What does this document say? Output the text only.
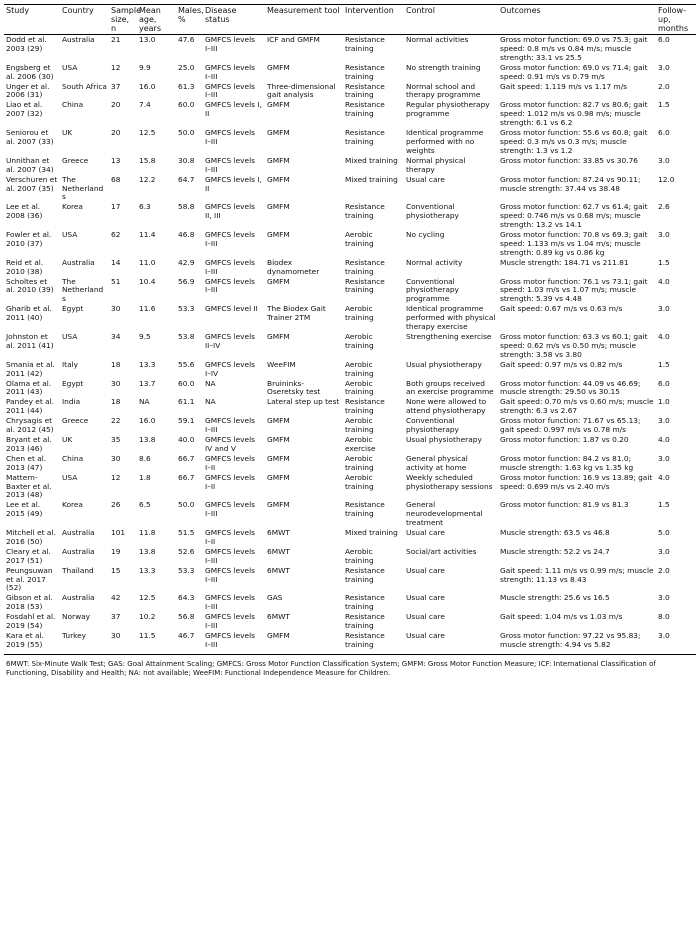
Study	Country	Sample size, n	Mean age, years	Males, %	Disease status	Measurement tool	Intervention	Control	Outcomes	Follow-up, months
Dodd et al. 2003 (29)	Australia	21	13.0	47.6	GMFCS levels I–III	ICF and GMFM	Resistance training	Normal activities	Gross motor function: 69.0 vs 75.3; gait speed: 0.8 m/s vs 0.84 m/s; muscle strength: 33.1 vs 25.5	6.0
Engsberg et al. 2006 (30)	USA	12	9.9	25.0	GMFCS levels I–III	GMFM	Resistance training	No strength training	Gross motor function: 69.0 vs 71.4; gait speed: 0.91 m/s vs 0.79 m/s	3.0
Unger et al. 2006 (31)	South Africa	37	16.0	61.3	GMFCS levels I–III	Three-dimensional gait analysis	Resistance training	Normal school and therapy programme	Gait speed: 1.119 m/s vs 1.17 m/s	2.0
Liao et al. 2007 (32)	China	20	7.4	60.0	GMFCS levels I, II	GMFM	Resistance training	Regular physiotherapy programme	Gross motor function: 82.7 vs 80.6; gait speed: 1.012 m/s vs 0.98 m/s; muscle strength: 6.1 vs 6.2	1.5
Seniorou et al. 2007 (33)	UK	20	12.5	50.0	GMFCS levels I–III	GMFM	Resistance training	Identical programme performed with no weights	Gross motor function: 55.6 vs 60.8; gait speed: 0.3 m/s vs 0.3 m/s; muscle strength: 1.3 vs 1.2	6.0
Unnithan et al. 2007 (34)	Greece	13	15.8	30.8	GMFCS levels I–III	GMFM	Mixed training	Normal physical therapy	Gross motor function: 33.85 vs 30.76	3.0
Verschuren et al. 2007 (35)	The Netherlands	68	12.2	64.7	GMFCS levels I, II	GMFM	Mixed training	Usual care	Gross motor function: 87.24 vs 90.11; muscle strength: 37.44 vs 38.48	12.0
Lee et al. 2008 (36)	Korea	17	6.3	58.8	GMFCS levels II, III	GMFM	Resistance training	Conventional physiotherapy	Gross motor function: 62.7 vs 61.4; gait speed: 0.746 m/s vs 0.68 m/s; muscle strength: 13.2 vs 14.1	2.6
Fowler et al. 2010 (37)	USA	62	11.4	46.8	GMFCS levels I–III	GMFM	Aerobic training	No cycling	Gross motor function: 70.8 vs 69.3; gait speed: 1.133 m/s vs 1.04 m/s; muscle strength: 0.89 kg vs 0.86 kg	3.0
Reid et al. 2010 (38)	Australia	14	11.0	42.9	GMFCS levels I–III	Biodex dynamometer	Resistance training	Normal activity	Muscle strength: 184.71 vs 211.81	1.5
Scholtes et al. 2010 (39)	The Netherlands	51	10.4	56.9	GMFCS levels I–III	GMFM	Resistance training	Conventional physiotherapy programme	Gross motor function: 76.1 vs 73.1; gait speed: 1.03 m/s vs 1.07 m/s; muscle strength: 5.39 vs 4.48	4.0
Gharib et al. 2011 (40)	Egypt	30	11.6	53.3	GMFCS level II	The Biodex Gait Trainer 2TM	Aerobic training	Identical programme performed with physical therapy exercise	Gait speed: 0.67 m/s vs 0.63 m/s	3.0
Johnston et al. 2011 (41)	USA	34	9.5	53.8	GMFCS levels II–IV	GMFM	Aerobic training	Strengthening exercise	Gross motor function: 63.3 vs 60.1; gait speed: 0.62 m/s vs 0.50 m/s; muscle strength: 3.58 vs 3.80	4.0
Smania et al. 2011 (42)	Italy	18	13.3	55.6	GMFCS levels I–IV	WeeFIM	Aerobic training	Usual physiotherapy	Gait speed: 0.97 m/s vs 0.82 m/s	1.5
Olama et al. 2011 (43)	Egypt	30	13.7	60.0	NA	Bruininks-Oseretsky test	Aerobic training	Both groups received an exercise programme	Gross motor function: 44.09 vs 46.69; muscle strength: 29.50 vs 30.15	6.0
Pandey et al. 2011 (44)	India	18	NA	61.1	NA	Lateral step up test	Resistance training	None were allowed to attend physiotherapy	Gait speed: 0.70 m/s vs 0.60 m/s; muscle strength: 6.3 vs 2.67	1.0
Chrysagis et al. 2012 (45)	Greece	22	16.0	59.1	GMFCS levels I–III	GMFM	Aerobic training	Conventional physiotherapy	Gross motor function: 71.67 vs 65.13; gait speed: 0.997 m/s vs 0.78 m/s	3.0
Bryant et al. 2013 (46)	UK	35	13.8	40.0	GMFCS levels IV and V	GMFM	Aerobic exercise	Usual physiotherapy	Gross motor function: 1.87 vs 0.20	4.0
Chen et al. 2013 (47)	China	30	8.6	66.7	GMFCS levels I–II	GMFM	Aerobic training	General physical activity at home	Gross motor function: 84.2 vs 81.0; muscle strength: 1.63 kg vs 1.35 kg	3.0
Mattern-Baxter et al. 2013 (48)	USA	12	1.8	66.7	GMFCS levels I–II	GMFM	Aerobic training	Weekly scheduled physiotherapy sessions	Gross motor function: 16.9 vs 13.89; gait speed: 0.699 m/s vs 2.40 m/s	4.0
Lee et al. 2015 (49)	Korea	26	6.5	50.0	GMFCS levels I–III	GMFM	Resistance training	General neurodevelopmental treatment	Gross motor function: 81.9 vs 81.3	1.5
Mitchell et al. 2016 (50)	Australia	101	11.8	51.5	GMFCS levels I–II	6MWT	Mixed training	Usual care	Muscle strength: 63.5 vs 46.8	5.0
Cleary et al. 2017 (51)	Australia	19	13.8	52.6	GMFCS levels I–III	6MWT	Aerobic training	Social/art activities	Muscle strength: 52.2 vs 24.7	3.0
Peungsuwan et al. 2017 (52)	Thailand	15	13.3	53.3	GMFCS levels I–III	6MWT	Resistance training	Usual care	Gait speed: 1.11 m/s vs 0.99 m/s; muscle strength: 11.13 vs 8.43	2.0
Gibson et al. 2018 (53)	Australia	42	12.5	64.3	GMFCS levels I–III	GAS	Resistance training	Usual care	Muscle strength: 25.6 vs 16.5	3.0
Fosdahl et al. 2019 (54)	Norway	37	10.2	56.8	GMFCS levels I–III	6MWT	Resistance training	Usual care	Gait speed: 1.04 m/s vs 1.03 m/s	8.0
Kara et al. 2019 (55)	Turkey	30	11.5	46.7	GMFCS levels I–III	GMFM	Resistance training	Usual care	Gross motor function: 97.22 vs 95.83; muscle strength: 4.94 vs 5.82	3.0
6MWT: Six-Minute Walk Test; GAS: Goal Attainment Scaling; GMFCS: Gross Motor Function Classification System; GMFM: Gross Motor Function Measure; ICF: International Classification of Functioning, Disability and Health; NA: not available; WeeFIM: Functional Independence Measure for Children.
